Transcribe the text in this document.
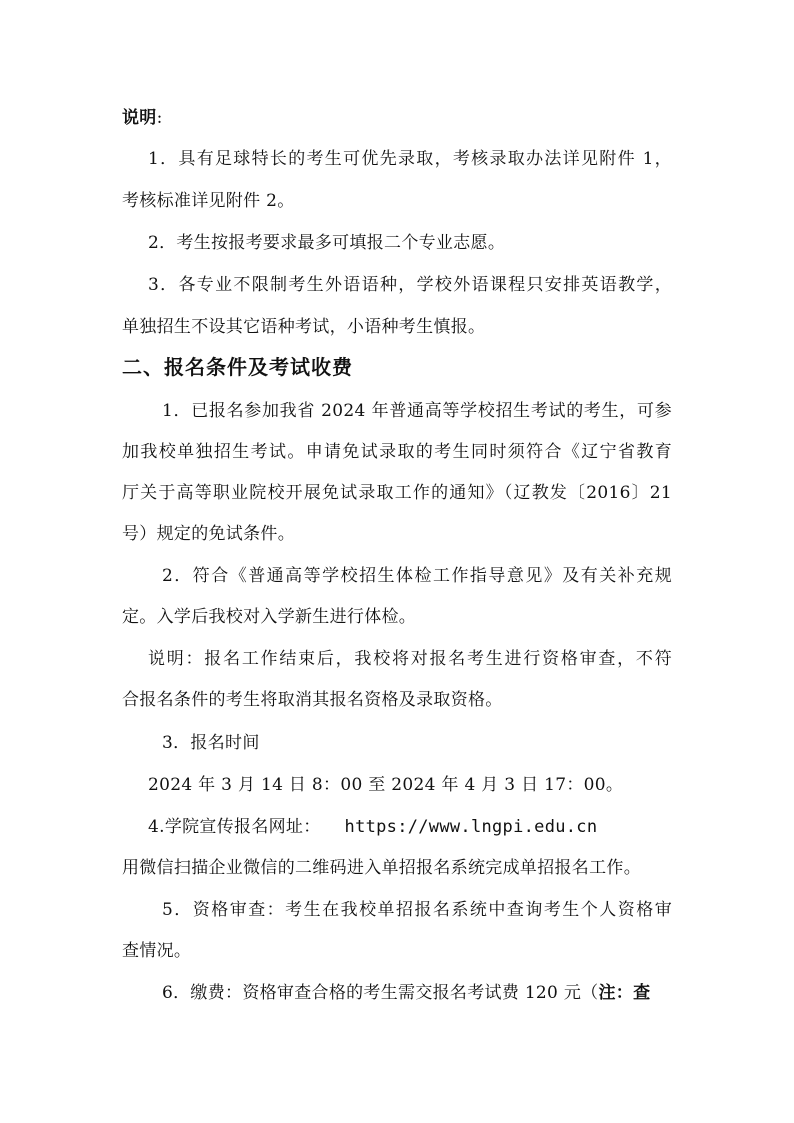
说明:
1．具有足球特长的考生可优先录取，考核录取办法详见附件 1，
考核标准详见附件 2。
2．考生按报考要求最多可填报二个专业志愿。
3．各专业不限制考生外语语种，学校外语课程只安排英语教学，
单独招生不设其它语种考试，小语种考生慎报。
二、报名条件及考试收费
1．已报名参加我省 2024 年普通高等学校招生考试的考生，可参
加我校单独招生考试。申请免试录取的考生同时须符合《辽宁省教育
厅关于高等职业院校开展免试录取工作的通知》（辽教发〔2016〕21
号）规定的免试条件。
2．符合《普通高等学校招生体检工作指导意见》及有关补充规
定。入学后我校对入学新生进行体检。
说明：报名工作结束后，我校将对报名考生进行资格审查，不符
合报名条件的考生将取消其报名资格及录取资格。
3．报名时间
2024 年 3 月 14 日 8：00 至 2024 年 4 月 3 日 17：00。
4.学院宣传报名网址： https://www.lngpi.edu.cn
用微信扫描企业微信的二维码进入单招报名系统完成单招报名工作。
5．资格审查：考生在我校单招报名系统中查询考生个人资格审
查情况。
6．缴费：资格审查合格的考生需交报名考试费 120 元（注：查
